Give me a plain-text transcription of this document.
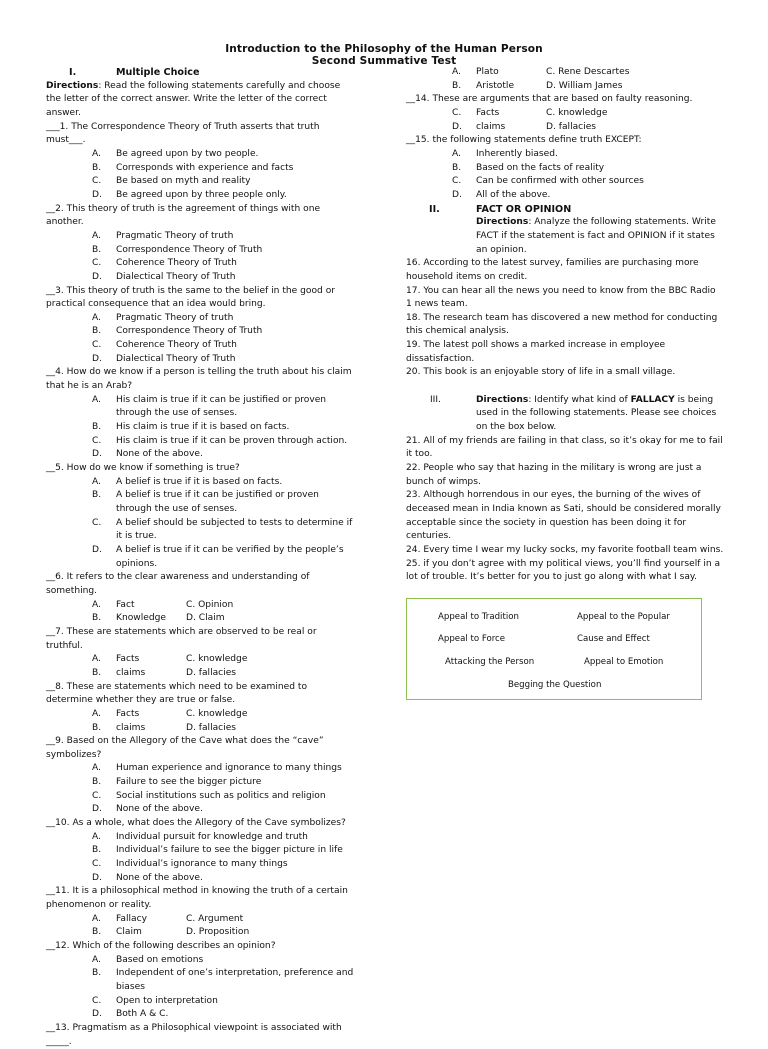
Introduction to the Philosophy of the Human Person
Second Summative Test
I.	Multiple Choice

Directions: Read the following statements carefully and choose the letter of the correct answer. Write the letter of the correct answer.

___1. The Correspondence Theory of Truth asserts that truth must___.

A.	Be agreed upon by two people.
B.	Corresponds with experience and facts
C.	Be based on myth and reality
D.	Be agreed upon by three people only.

__2. This theory of truth is the agreement of things with one another.

A.	Pragmatic Theory of truth
B.	Correspondence Theory of Truth
C.	Coherence Theory of Truth
D.	Dialectical Theory of Truth

__3. This theory of truth is the same to the belief in the good or practical consequence that an idea would bring.

A.	Pragmatic Theory of truth
B.	Correspondence Theory of Truth
C.	Coherence Theory of Truth
D.	Dialectical Theory of Truth

__4. How do we know if a person is telling the truth about his claim that he is an Arab?

A.	His claim is true if it can be justified or proven through the use of senses.
B.	His claim is true if it is based on facts.
C.	His claim is true if it can be proven through action.
D.	None of the above.

__5. How do we know if something is true?

A.	A belief is true if it is based on facts.
B.	A belief is true if it can be justified or proven through the use of senses.
C.	A belief should be subjected to tests to determine if it is true.
D.	A belief is true if it can be verified by the people’s opinions.

__6. It refers to the clear awareness and understanding of something.

A.	Fact	C. Opinion
B.	Knowledge	D. Claim

__7. These are statements which are observed to be real or truthful.

A.	Facts	C. knowledge
B.	claims	D. fallacies

__8. These are statements which need to be examined to determine whether they are true or false.

A.	Facts	C. knowledge
B.	claims	D. fallacies

__9. Based on the Allegory of the Cave what does the “cave” symbolizes?

A.	Human experience and ignorance to many things
B.	Failure to see the bigger picture
C.	Social institutions such as politics and religion
D.	None of the above.

__10. As a whole, what does the Allegory of the Cave symbolizes?

A.	Individual pursuit for knowledge and truth
B.	Individual’s failure to see the bigger picture in life
C.	Individual’s ignorance to many things
D.	None of the above.

__11. It is a philosophical method in knowing the truth of a certain phenomenon or reality.

A.	Fallacy	C. Argument
B.	Claim	D. Proposition

__12. Which of the following describes an opinion?

A.	Based on emotions
B.	Independent of one’s interpretation, preference and biases
C.	Open to interpretation
D.	Both A & C.

__13. Pragmatism as a Philosophical viewpoint is associated with _____.

A.	Plato	C. Rene Descartes
B.	Aristotle	D. William James

__14. These are arguments that are based on faulty reasoning.

C.	Facts	C. knowledge
D.	claims	D. fallacies

__15. the following statements define truth EXCEPT:

A.	Inherently biased.
B.	Based on the facts of reality
C.	Can be confirmed with other sources
D.	All of the above.
II.	FACT OR OPINION

Directions: Analyze the following statements. Write FACT if the statement is fact and OPINION if it states an opinion.

16. According to the latest survey, families are purchasing more household items on credit.

17. You can hear all the news you need to know from the BBC Radio 1 news team.

18. The research team has discovered a new method for conducting this chemical analysis.

19. The latest poll shows a marked increase in employee dissatisfaction.

20. This book is an enjoyable story of life in a small village.

III.	Directions: Identify what kind of FALLACY is being used in the following statements. Please see choices on the box below.

21. All of my friends are failing in that class, so it’s okay for me to fail it too.

22. People who say that hazing in the military is wrong are just a bunch of wimps.

23. Although horrendous in our eyes, the burning of the wives of deceased mean in India known as Sati, should be considered morally acceptable since the society in question has been doing it for centuries.

24. Every time I wear my lucky socks, my favorite football team wins.

25. if you don’t agree with my political views, you’ll find yourself in a lot of trouble. It’s better for you to just go along with what I say.

Appeal to Tradition	Appeal to the Popular
Appeal to Force	Cause and Effect
Attacking the Person	Appeal to Emotion
Begging the Question
